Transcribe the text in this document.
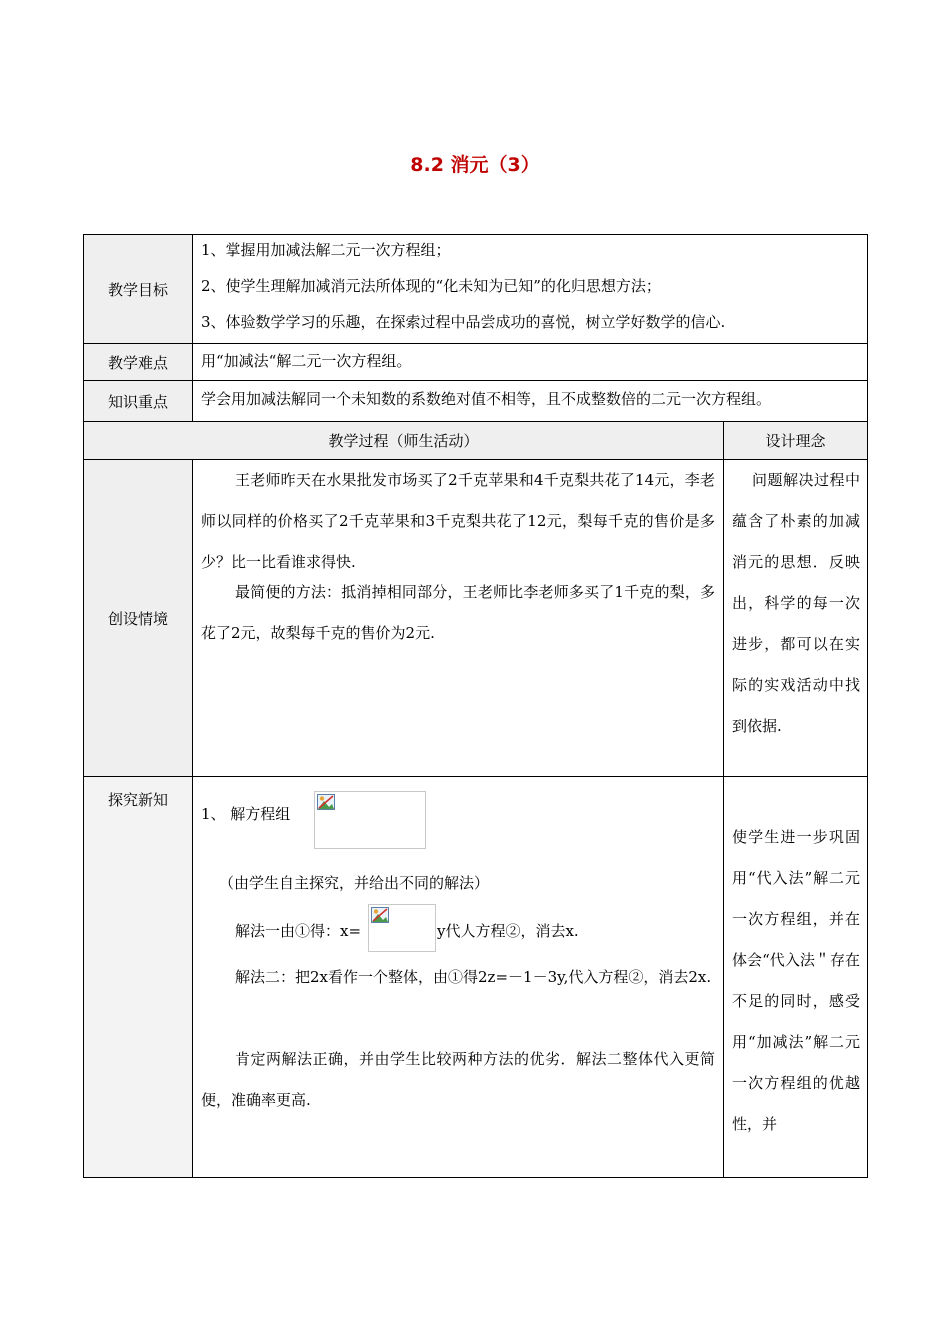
8.2 消元（3）
教学目标
1、掌握用加减法解二元一次方程组；
2、使学生理解加减消元法所体现的“化未知为已知”的化归思想方法；
3、体验数学学习的乐趣，在探索过程中品尝成功的喜悦，树立学好数学的信心.
教学难点 用“加减法“解二元一次方程组。
知识重点 学会用加减法解同一个未知数的系数绝对值不相等，且不成整数倍的二元一次方程组。
教学过程（师生活动）	设计理念
创设情境
王老师昨天在水果批发市场买了2千克苹果和4千克梨共花了14元，李老师以同样的价格买了2千克苹果和3千克梨共花了12元，梨每千克的售价是多少？比一比看谁求得快.
最简便的方法：抵消掉相同部分，王老师比李老师多买了1千克的梨，多花了2元，故梨每千克的售价为2元.
问题解决过程中蕴含了朴素的加减消元的思想．反映出，科学的每一次进步，都可以在实际的实戏活动中找到依据.
探究新知
1、 解方程组
（由学生自主探究，并给出不同的解法）
解法一由①得：x=	y代人方程②，消去x.
解法二：把2x看作一个整体，由①得2z=－1－3y,代入方程②，消去2x.
肯定两解法正确，并由学生比较两种方法的优劣．解法二整体代入更简便，准确率更高.
使学生进一步巩固用“代入法”解二元一次方程组，并在体会“代入法＂存在不足的同时，感受用“加减法”解二元一次方程组的优越性，并
